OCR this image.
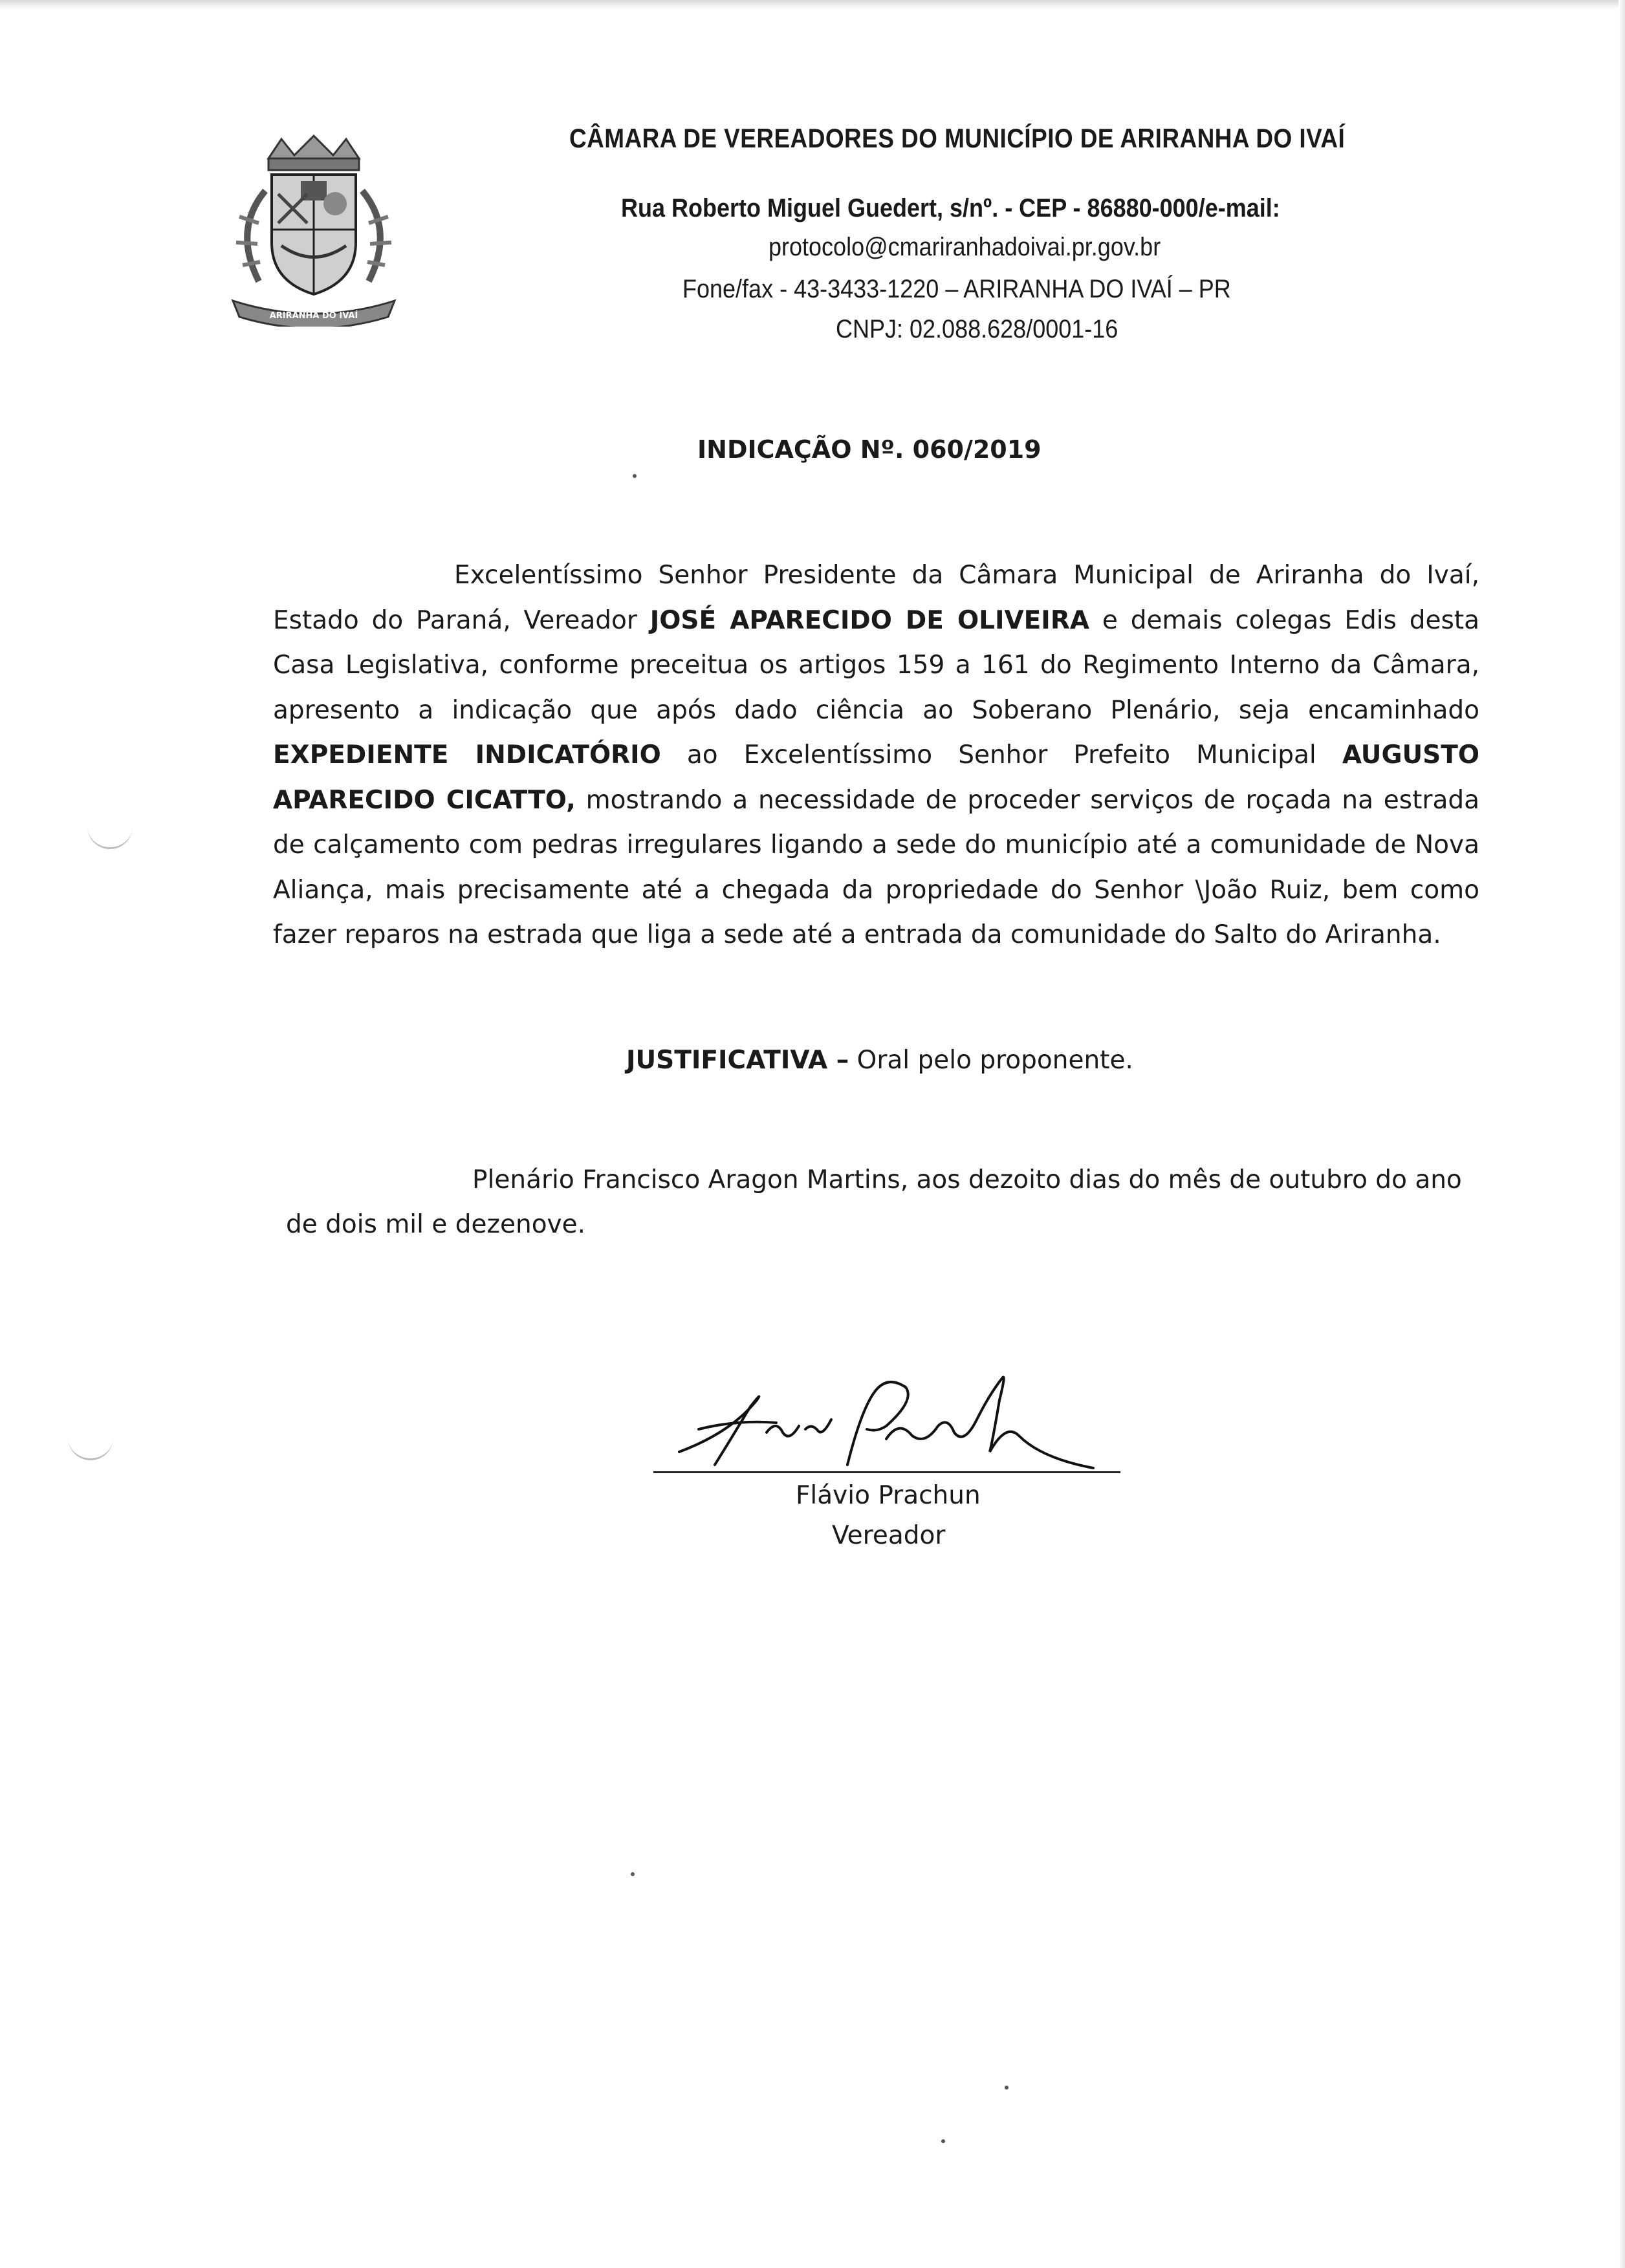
ARIRANHA DO IVAÍ
CÂMARA DE VEREADORES DO MUNICÍPIO DE ARIRANHA DO IVAÍ
Rua Roberto Miguel Guedert, s/nº. - CEP - 86880-000/e-mail:
protocolo@cmariranhadoivai.pr.gov.br
Fone/fax - 43-3433-1220 – ARIRANHA DO IVAÍ – PR
CNPJ: 02.088.628/0001-16
INDICAÇÃO Nº. 060/2019
Excelentíssimo Senhor Presidente da Câmara Municipal de Ariranha do Ivaí, Estado do Paraná, Vereador JOSÉ APARECIDO DE OLIVEIRA e demais colegas Edis desta Casa Legislativa, conforme preceitua os artigos 159 a 161 do Regimento Interno da Câmara, apresento a indicação que após dado ciência ao Soberano Plenário, seja encaminhado EXPEDIENTE INDICATÓRIO ao Excelentíssimo Senhor Prefeito Municipal AUGUSTO APARECIDO CICATTO, mostrando a necessidade de proceder serviços de roçada na estrada de calçamento com pedras irregulares ligando a sede do município até a comunidade de Nova Aliança, mais precisamente até a chegada da propriedade do Senhor \João Ruiz, bem como fazer reparos na estrada que liga a sede até a entrada da comunidade do Salto do Ariranha.
JUSTIFICATIVA – Oral pelo proponente.
Plenário Francisco Aragon Martins, aos dezoito dias do mês de outubro do ano de dois mil e dezenove.
Flávio Prachun
Vereador
